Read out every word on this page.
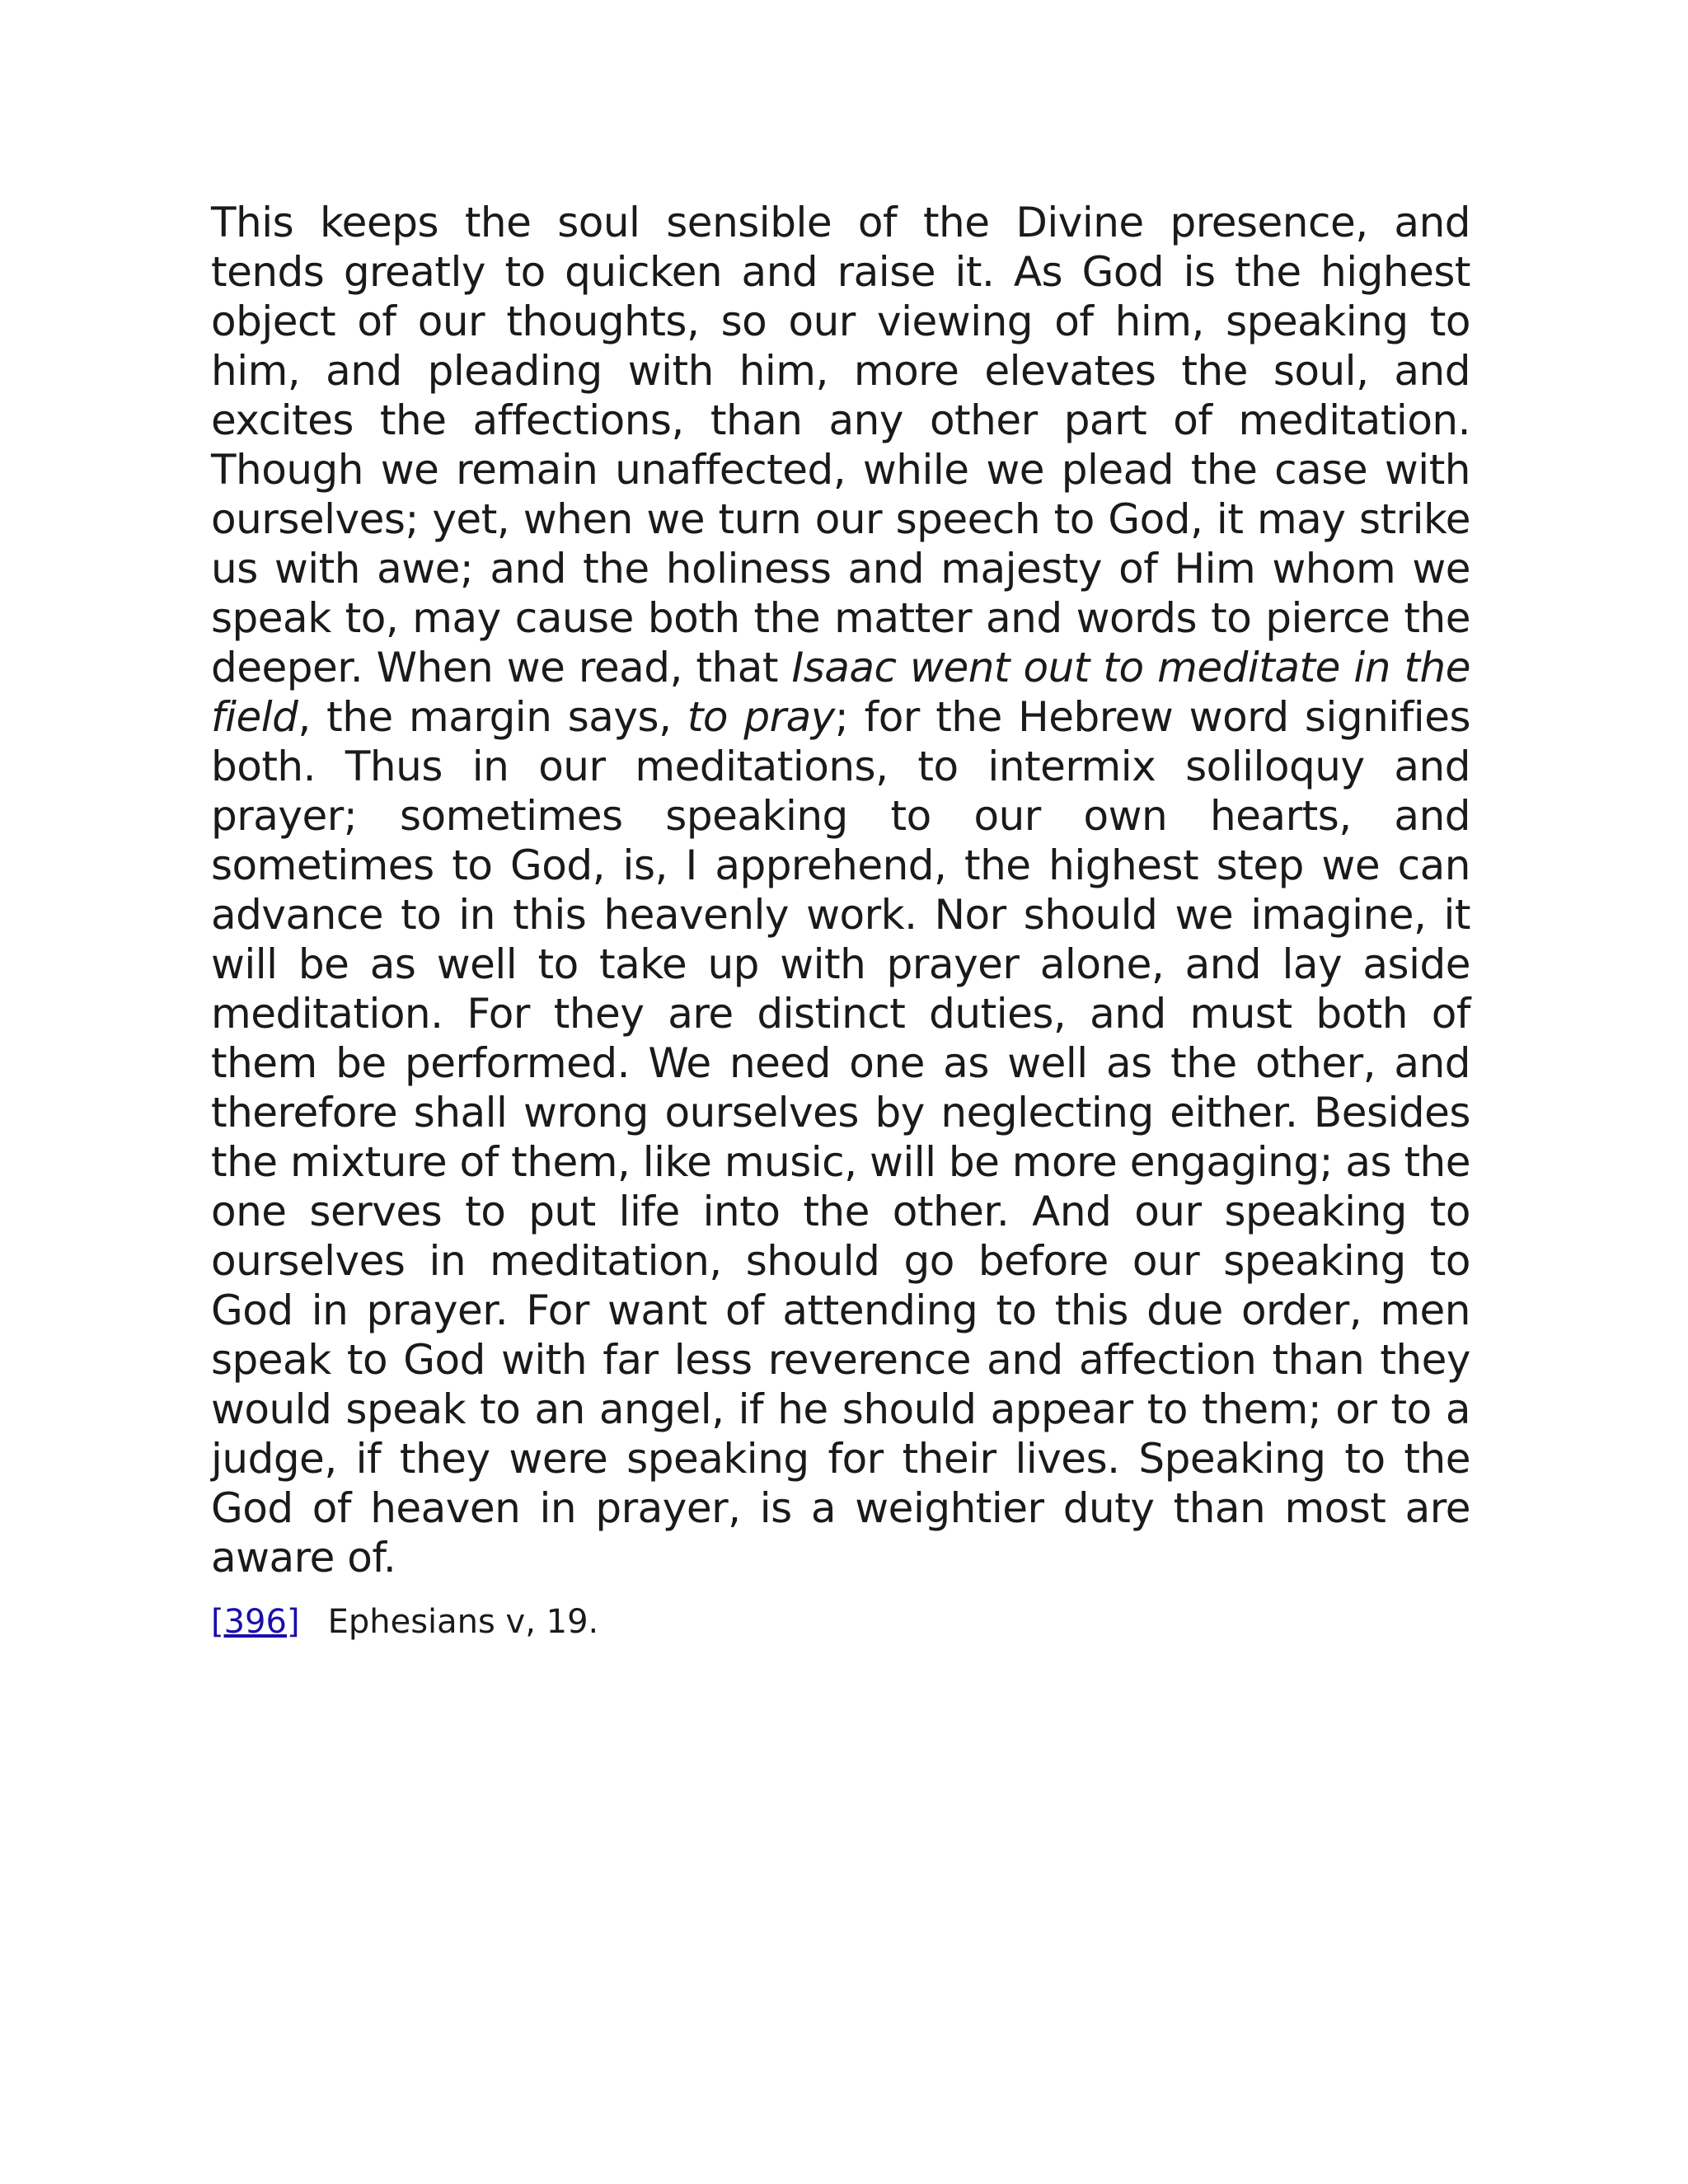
This keeps the soul sensible of the Divine presence, and tends greatly to quicken and raise it. As God is the highest object of our thoughts, so our viewing of him, speaking to him, and pleading with him, more elevates the soul, and excites the affections, than any other part of meditation. Though we remain unaffected, while we plead the case with ourselves; yet, when we turn our speech to God, it may strike us with awe; and the holiness and majesty of Him whom we speak to, may cause both the matter and words to pierce the deeper. When we read, that Isaac went out to meditate in the field, the margin says, to pray; for the Hebrew word signifies both. Thus in our meditations, to intermix soliloquy and prayer; sometimes speaking to our own hearts, and sometimes to God, is, I apprehend, the highest step we can advance to in this heavenly work. Nor should we imagine, it will be as well to take up with prayer alone, and lay aside meditation. For they are distinct duties, and must both of them be performed. We need one as well as the other, and therefore shall wrong ourselves by neglecting either. Besides the mixture of them, like music, will be more engaging; as the one serves to put life into the other. And our speaking to ourselves in meditation, should go before our speaking to God in prayer. For want of attending to this due order, men speak to God with far less reverence and affection than they would speak to an angel, if he should appear to them; or to a judge, if they were speaking for their lives. Speaking to the God of heaven in prayer, is a weightier duty than most are aware of.

[396] Ephesians v, 19.
